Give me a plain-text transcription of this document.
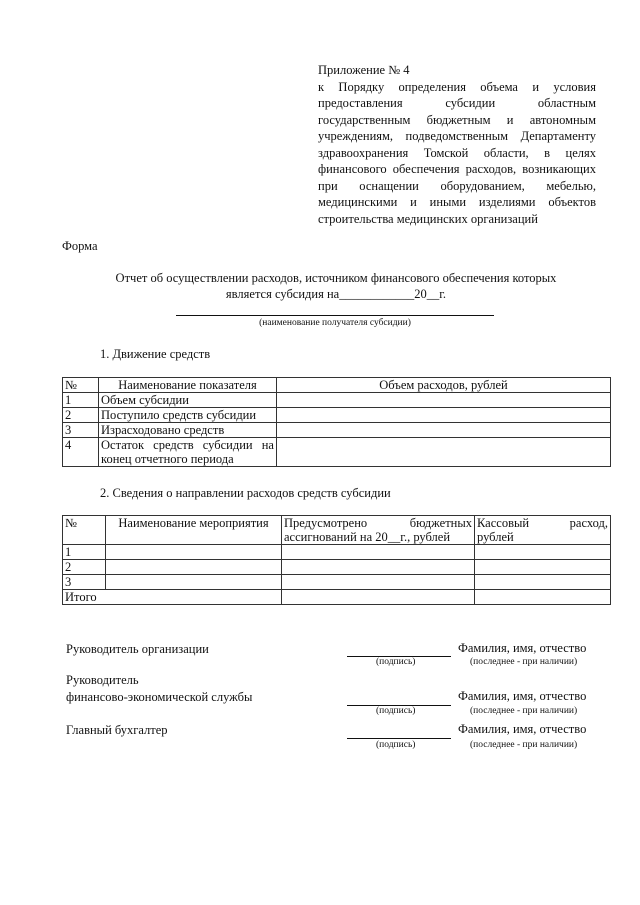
Приложение № 4
к Порядку определения объема и условия предоставления субсидии областным государственным бюджетным и автономным учреждениям, подведомственным Департаменту здравоохранения Томской области, в целях финансового обеспечения расходов, возникающих при оснащении оборудованием, мебелью, медицинскими и иными изделиями объектов строительства медицинских организаций
Форма
Отчет об осуществлении расходов, источником финансового обеспечения которых
является субсидия на____________20__г.
(наименование получателя субсидии)
1. Движение средств
№	Наименование показателя	Объем расходов, рублей
1	Объем субсидии	
2	Поступило средств субсидии	
3	Израсходовано средств	
4	Остаток средств субсидии на конец отчетного периода	
2. Сведения о направлении расходов средств субсидии
№	Наименование мероприятия	Предусмотрено бюджетных ассигнований на 20__г., рублей	Кассовый расход, рублей
1			
2			
3			
Итого			
Руководитель организации	Фамилия, имя, отчество
(подпись)	(последнее - при наличии)
Руководитель
финансово-экономической службы	Фамилия, имя, отчество
(подпись)	(последнее - при наличии)
Главный бухгалтер	Фамилия, имя, отчество
(подпись)	(последнее - при наличии)
